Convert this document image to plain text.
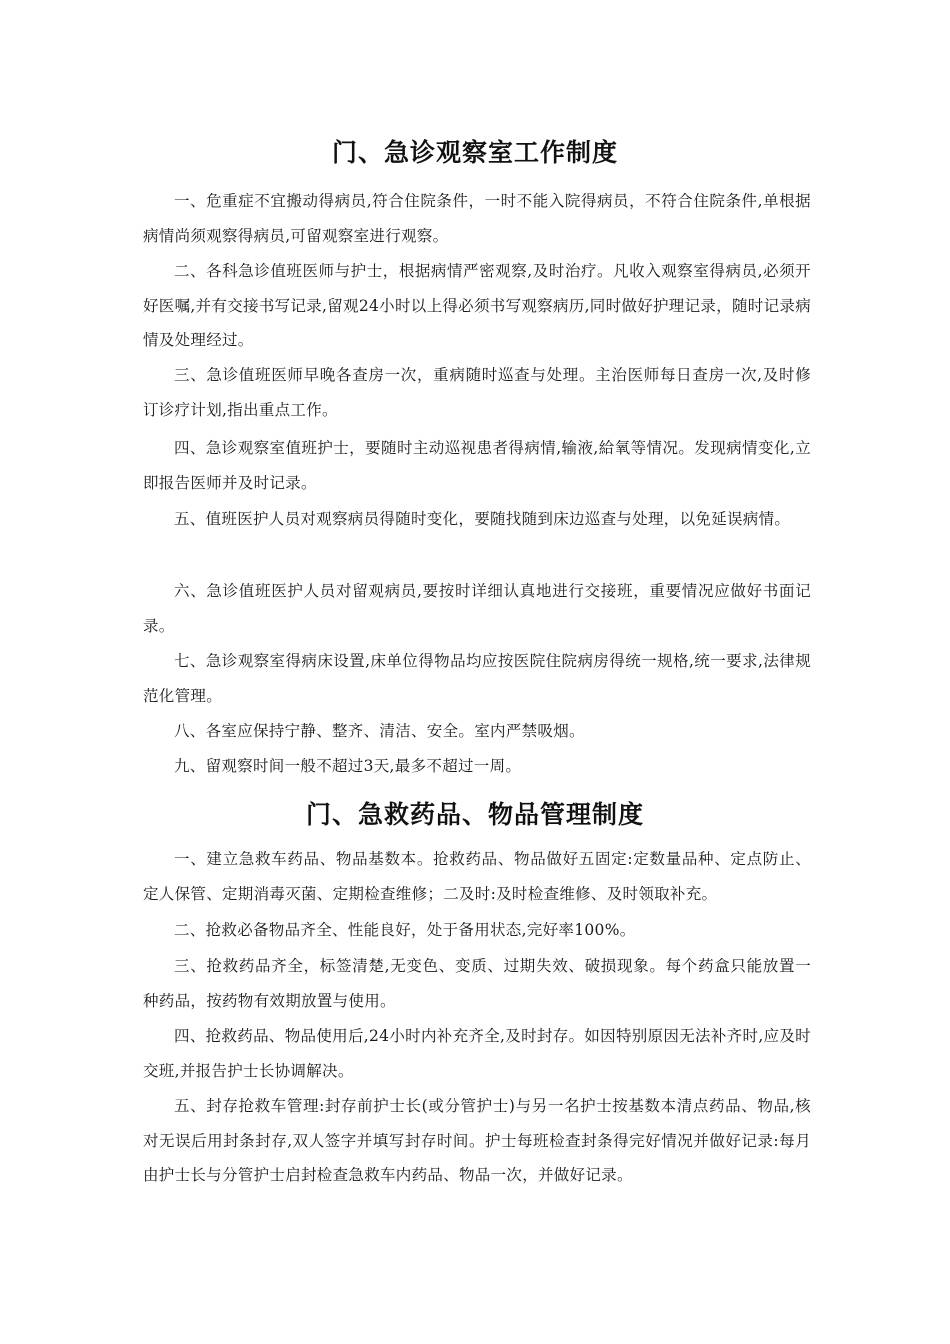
门、急诊观察室工作制度

一、危重症不宜搬动得病员,符合住院条件，一时不能入院得病员，不符合住院条件,单根据病情尚须观察得病员,可留观察室进行观察。

二、各科急诊值班医师与护士，根据病情严密观察,及时治疗。凡收入观察室得病员,必须开好医嘱,并有交接书写记录,留观24小时以上得必须书写观察病历,同时做好护理记录，随时记录病情及处理经过。

三、急诊值班医师早晚各查房一次，重病随时巡查与处理。主治医师每日查房一次,及时修订诊疗计划,指出重点工作。

四、急诊观察室值班护士，要随时主动巡视患者得病情,输液,給氧等情况。发现病情变化,立即报告医师并及时记录。

五、值班医护人员对观察病员得随时变化，要随找随到床边巡查与处理，以免延误病情。

六、急诊值班医护人员对留观病员,要按时详细认真地进行交接班，重要情况应做好书面记录。

七、急诊观察室得病床设置,床单位得物品均应按医院住院病房得统一规格,统一要求,法律规范化管理。

八、各室应保持宁静、整齐、清洁、安全。室内严禁吸烟。

九、留观察时间一般不超过3天,最多不超过一周。

门、急救药品、物品管理制度

一、建立急救车药品、物品基数本。抢救药品、物品做好五固定:定数量品种、定点防止、定人保管、定期消毒灭菌、定期检查维修；二及时:及时检查维修、及时领取补充。

二、抢救必备物品齐全、性能良好，处于备用状态,完好率100%。

三、抢救药品齐全，标签清楚,无变色、变质、过期失效、破损现象。每个药盒只能放置一种药品，按药物有效期放置与使用。

四、抢救药品、物品使用后,24小时内补充齐全,及时封存。如因特别原因无法补齐时,应及时交班,并报告护士长协调解决。

五、封存抢救车管理:封存前护士长(或分管护士)与另一名护士按基数本清点药品、物品,核对无误后用封条封存,双人签字并填写封存时间。护士每班检查封条得完好情况并做好记录:每月由护士长与分管护士启封检查急救车内药品、物品一次，并做好记录。
